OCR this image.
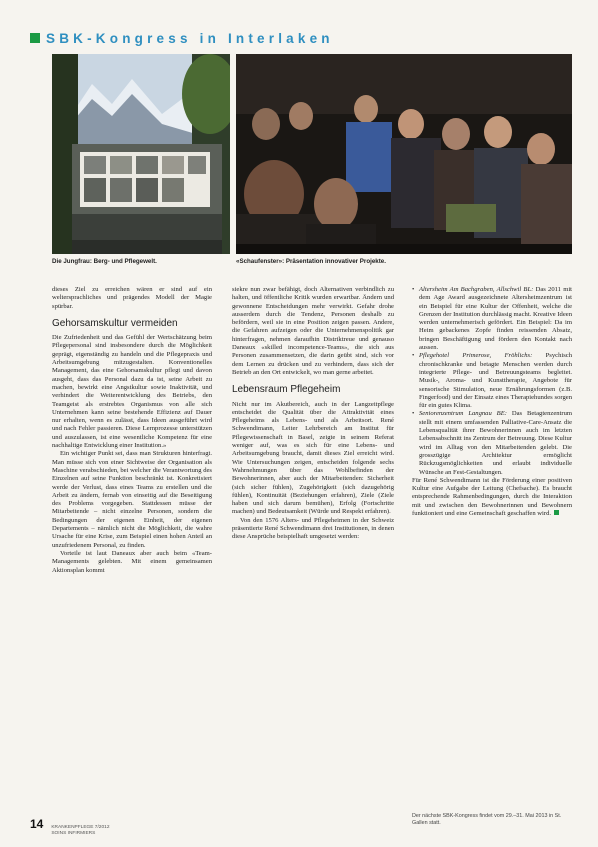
SBK-Kongress in Interlaken
Die Jungfrau: Berg- und Pflegewelt.	«Schaufenster»: Präsentation innovativer Projekte.

dieses Ziel zu erreichen wären er sind auf ein weltersprachliches und prägendes Modell der Magie spürbar.

Gehorsamskultur vermeiden

Die Zufriedenheit und das Gefühl der Wertschätzung beim Pflegepersonal sind insbesondere durch die Möglichkeit geprägt, eigenständig zu handeln und die Pflegepraxis und Arbeitsumgebung mitzugestalten. Konventionelles Management, das eine Gehorsamskultur pflegt und davon ausgeht, dass das Personal dazu da ist, seine Arbeit zu machen, bewirkt eine Angstkultur sowie Inaktivität, und verhindert die Weiterentwicklung des Betriebs, den Teamgeist als erstrebtes Organismus von alle sich Unternehmen kann seine bestehende Effizienz auf Dauer nur erhalten, wenn es zulässt, dass Ideen ausgeführt wird und nach Fehler passieren. Diese Lernprozesse unterstützen und auszulassen, ist eine wesentliche Kompetenz für eine nachhaltige Entwicklung einer Institution.»

Ein wichtiger Punkt sei, dass man Strukturen hinterfragt. Man müsse sich von einer Sichtweise der Organisation als Maschine verabschieden, bei welcher die Verantwortung des Einzelnen auf seine Funktion beschränkt ist. Konkretisiert werde der Verlust, dass eines Teams zu erstellen und die Arbeit zu ändern, fernab von einseitig auf die Beseitigung des Problems vorgegeben. Stattdessen müsse der Mitarbeitende – nicht einzelne Personen, sondern die Bedingungen der eigenen Einheit, der eigenen Departements – nämlich nicht die Möglichkeit, die wahre Ursache für eine Krise, zum Beispiel einen hohen Anteil an unzufriedenem Personal, zu finden.

Vorteile ist laut Daneaux aber auch beim «Team-Managements gelebten. Mit einem gemeinsamen Aktionsplan kommt

siekre nun zwar befähigt, doch Alternativen verbindlich zu halten, und öffentliche Kritik wurden erwartbar. Ändern und gewonnene Entscheidungen mehr verwirkt. Gefahr drohe ausserdem durch die Tendenz, Personen deshalb zu befördern, weil sie in eine Position zeigen passen. Andere, die Gefahren aufzeigen oder die Unternehmenspolitik gar hinterfragen, nehmen daraufhin Distriktreue und genauso Daneaux «skilled incompetence-Teams», die sich aus Personen zusammensetzen, die darin geübt sind, sich vor dem Lernen zu drücken und zu verhindern, dass sich der Betrieb an den Ort entwickelt, wo man gerne arbeitet.

Lebensraum Pflegeheim

Nicht nur im Akutbereich, auch in der Langzeitpflege entscheidet die Qualität über die Attraktivität eines Pflegeheims als Lebens- und als Arbeitsort. René Schwendimann, Leiter Lehrbereich am Institut für Pflegewissenschaft in Basel, zeigte in seinem Referat weniger auf, was es sich für eine Lebens- und Arbeitsumgebung braucht, damit dieses Ziel erreicht wird. Wie Untersuchungen zeigen, entscheiden folgende sechs Wahrnehmungen über das Wohlbefinden der Bewohnerinnen, aber auch der Mitarbeitenden: Sicherheit (sich sicher fühlen), Zugehörigkeit (sich dazugehörig fühlen), Kontinuität (Beziehungen erfahren), Ziele (Ziele haben und sich darum bemühen), Erfolg (Fortschritte machen) und Bedeutsamkeit (Würde und Respekt erfahren).

Von den 1576 Alters- und Pflegeheimen in der Schweiz präsentierte René Schwendimann drei Institutionen, in denen diese Ansprüche beispielhaft umgesetzt werden:

• Altersheim Am Bachgraben, Allschwil BL: Das 2011 mit dem Age Award ausgezeichnete Altersheimzentrum ist ein Beispiel für eine Kultur der Offenheit, welche die Grenzen der Institution durchlässig macht. Kreative Ideen werden unternehmerisch gefördert. Ein Beispiel: Da im Heim gebackenes Zopfe finden reissenden Absatz, bringen Beschäftigung und fördern den Kontakt nach aussen.
• Pflegehotel Primerose, Fröhlichs: Psychisch chronischkranke und betagte Menschen werden durch integrierte Pflege- und Betreuungsteams begleitet. Musik-, Aroma- und Kunsttherapie, Angebote für sensorische Stimulation, neue Ernährungsformen (z.B. Fingerfood) und der Einsatz eines Therapiehundes sorgen für ein gutes Klima.
• Seniorenzentrum Langnau BE: Das Betagtenzentrum stellt mit einem umfassenden Palliative-Care-Ansatz die Lebensqualität ihrer Bewohnerinnen auch im letzten Lebensabschnitt ins Zentrum der Betreuung. Diese Kultur wird im Alltag von den Mitarbeitenden gelebt. Die grosszügige Architektur ermöglicht Rückzugsmöglichkeiten und erlaubt individuelle Wünsche an Fest-Gestaltungen.

Für René Schwendimann ist die Förderung einer positiven Kultur eine Aufgabe der Leitung (Chefsache). Es braucht entsprechende Rahmenbedingungen, durch die Interaktion mit und zwischen den Bewohnerinnen und Bewohnern funktioniert und eine Gemeinschaft geschaffen wird.

Der nächste SBK-Kongress findet vom 29.–31. Mai 2013 in St. Gallen statt.
14 KRANKENPFLEGE 7/2012
SOINS INFIRMIERS
